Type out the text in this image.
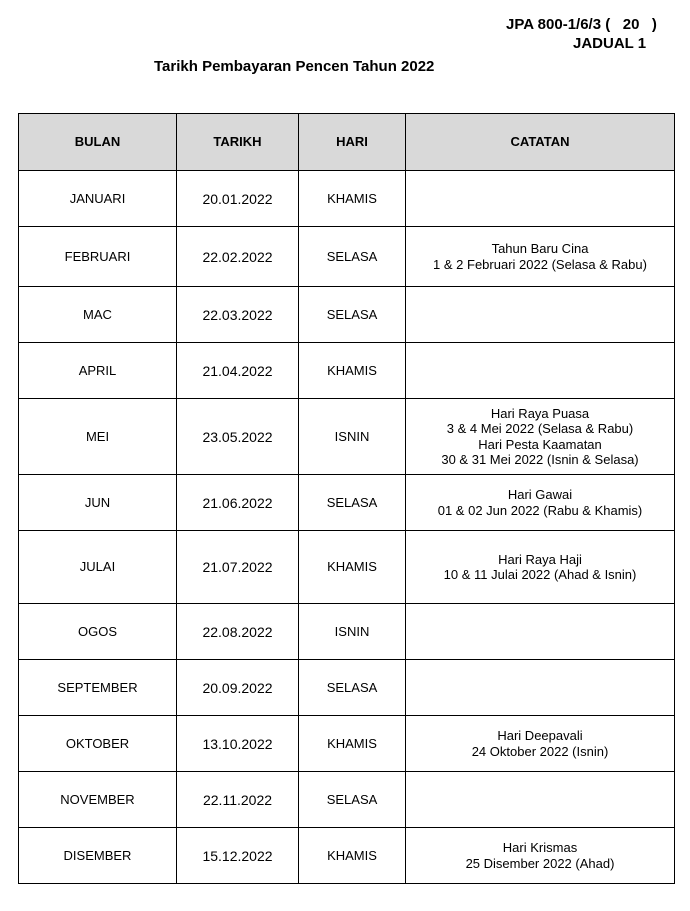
JPA 800-1/6/3 (   20   )
JADUAL 1
Tarikh Pembayaran Pencen Tahun 2022
BULAN	TARIKH	HARI	CATATAN
JANUARI	20.01.2022	KHAMIS	
FEBRUARI	22.02.2022	SELASA	Tahun Baru Cina
1 & 2 Februari 2022 (Selasa & Rabu)

MAC	22.03.2022	SELASA	
APRIL	21.04.2022	KHAMIS	
MEI	23.05.2022	ISNIN	Hari Raya Puasa
3 & 4 Mei 2022 (Selasa & Rabu)
Hari Pesta Kaamatan
30 & 31 Mei 2022 (Isnin & Selasa)

JUN	21.06.2022	SELASA	Hari Gawai
01 & 02 Jun 2022 (Rabu & Khamis)

JULAI	21.07.2022	KHAMIS	Hari Raya Haji
10 & 11 Julai 2022 (Ahad & Isnin)

OGOS	22.08.2022	ISNIN	
SEPTEMBER	20.09.2022	SELASA	
OKTOBER	13.10.2022	KHAMIS	Hari Deepavali
24 Oktober 2022 (Isnin)

NOVEMBER	22.11.2022	SELASA	
DISEMBER	15.12.2022	KHAMIS	Hari Krismas
25 Disember 2022 (Ahad)
